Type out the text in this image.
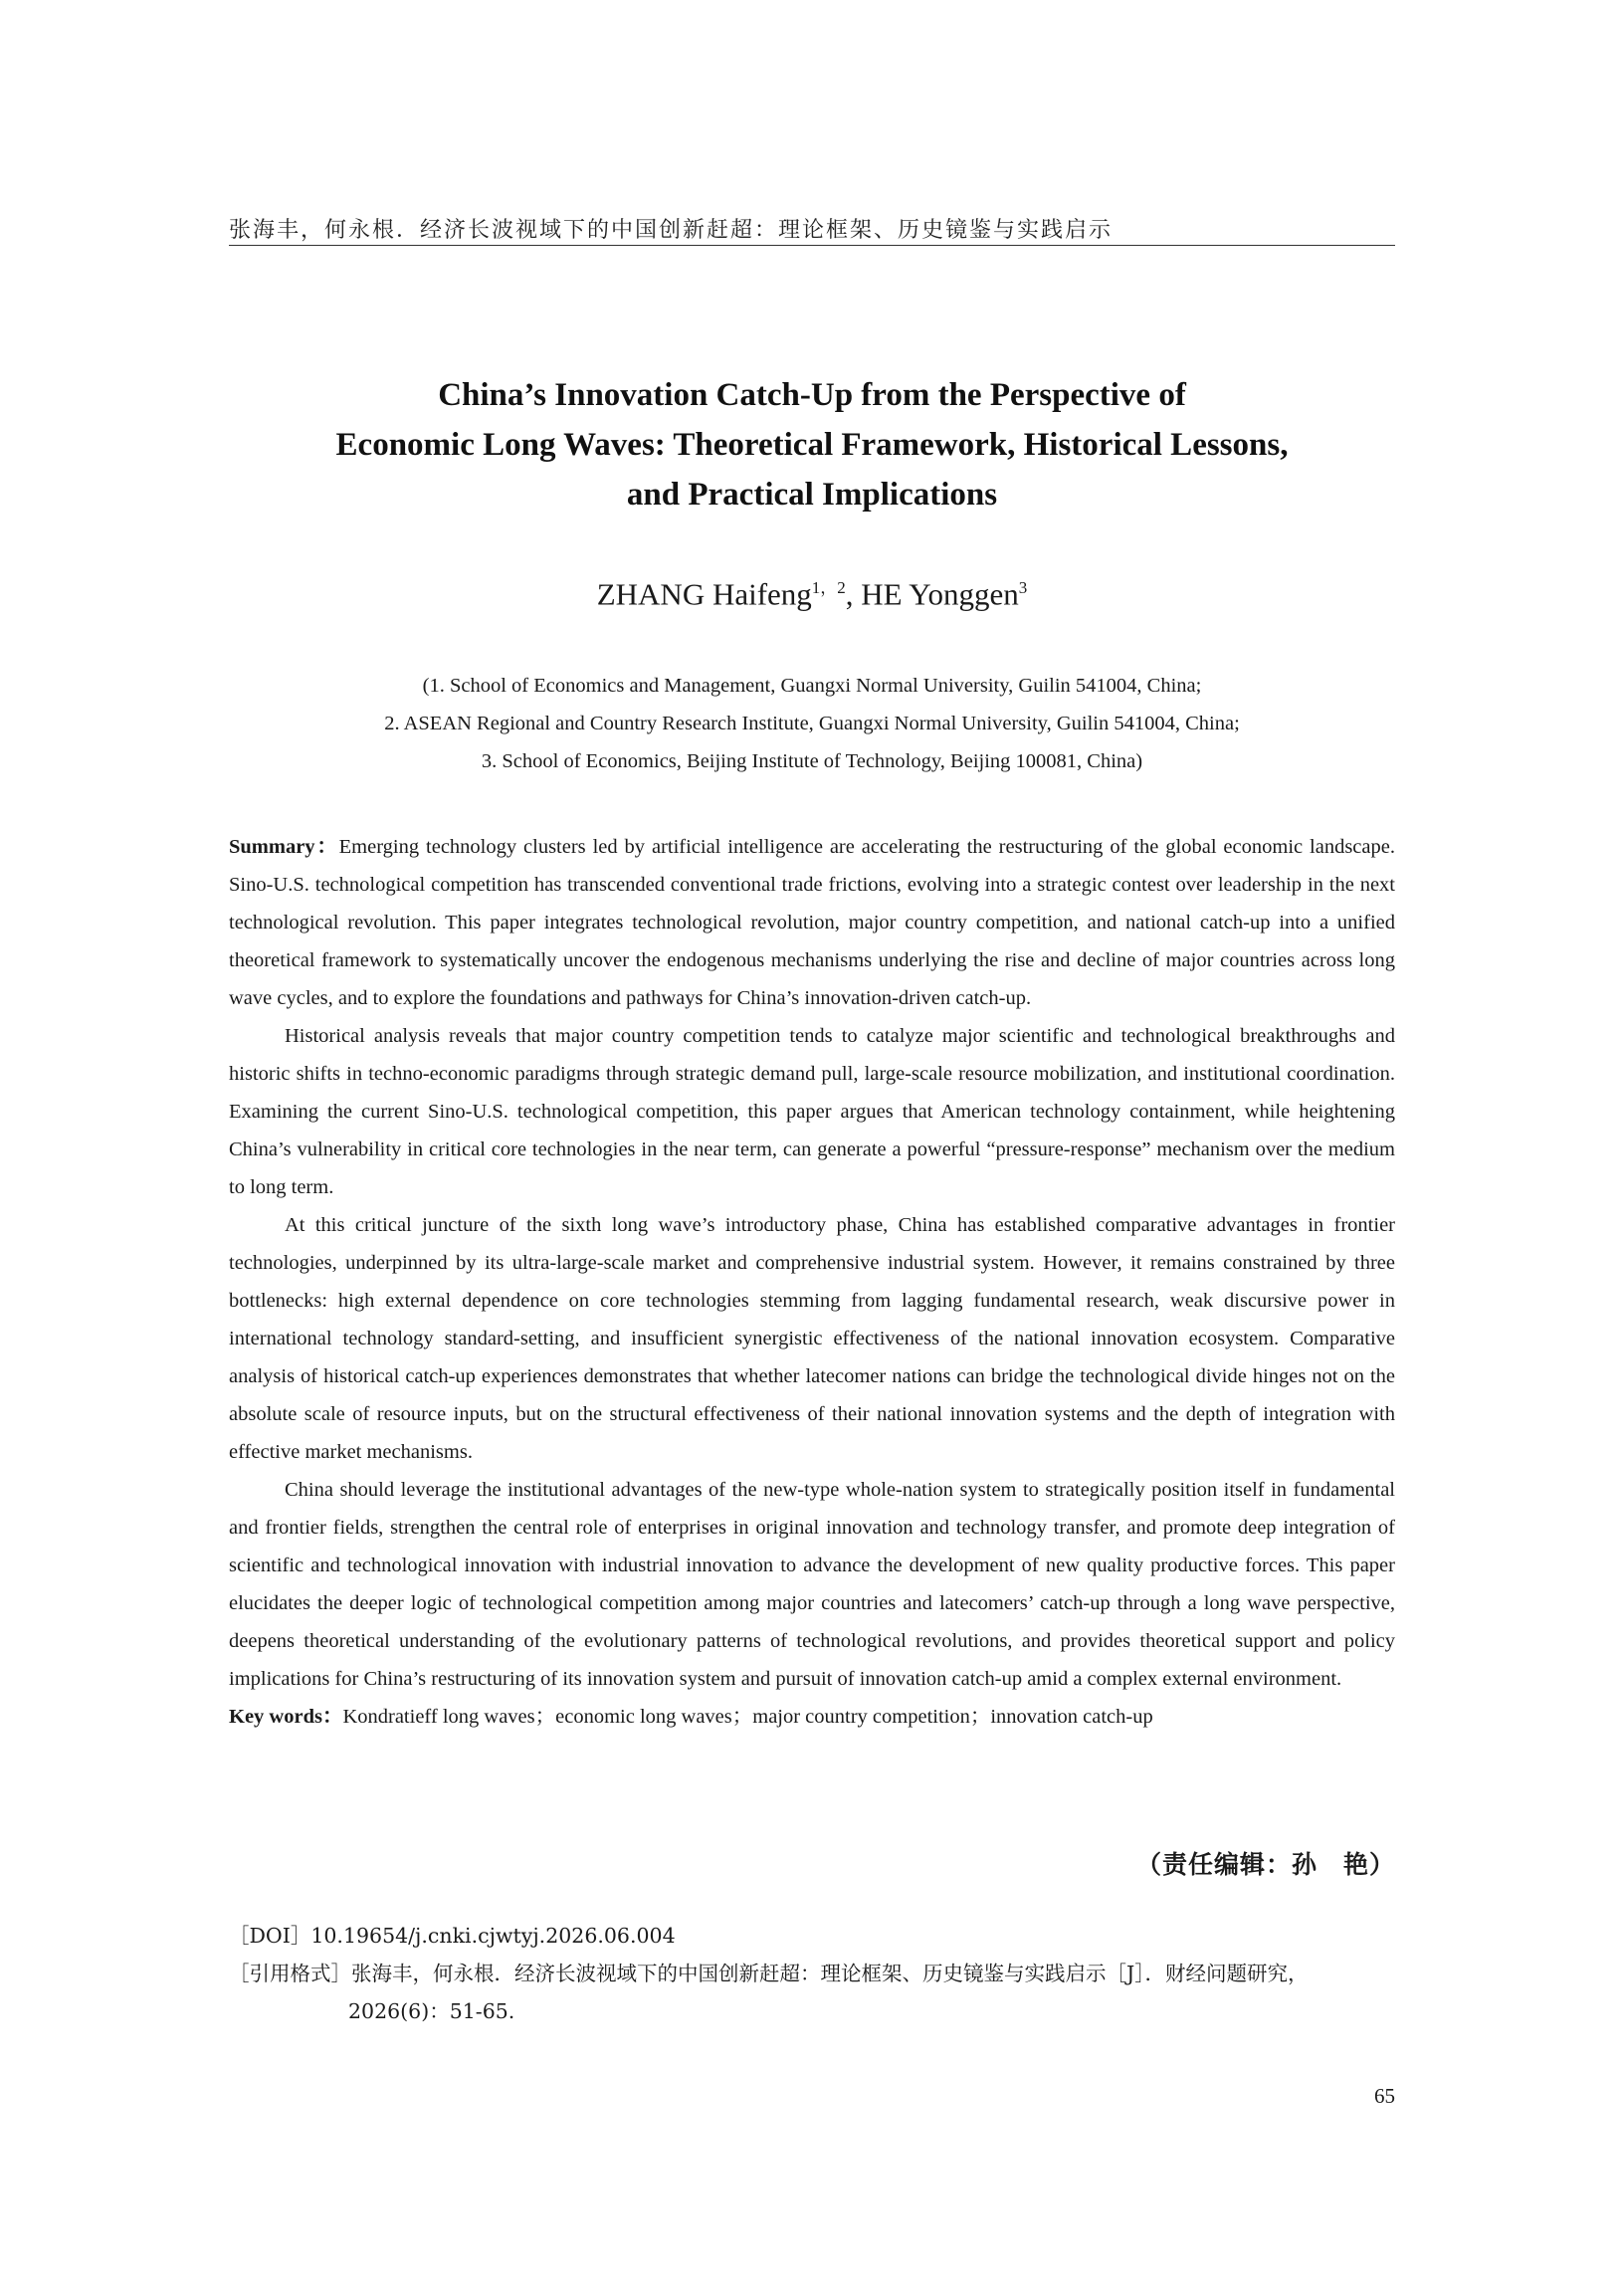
张海丰，何永根．经济长波视域下的中国创新赶超：理论框架、历史镜鉴与实践启示
China’s Innovation Catch-Up from the Perspective of
Economic Long Waves: Theoretical Framework, Historical Lessons,
and Practical Implications
ZHANG Haifeng$^{1,2}$, HE Yonggen$^3$
(1. School of Economics and Management, Guangxi Normal University, Guilin 541004, China;
2. ASEAN Regional and Country Research Institute, Guangxi Normal University, Guilin 541004, China;
3. School of Economics, Beijing Institute of Technology, Beijing 100081, China)

Summary：Emerging technology clusters led by artificial intelligence are accelerating the restructuring of the global economic landscape. Sino-U.S. technological competition has transcended conventional trade frictions, evolving into a strategic contest over leadership in the next technological revolution. This paper integrates technological revolution, major country competition, and national catch-up into a unified theoretical framework to systematically uncover the endogenous mechanisms underlying the rise and decline of major countries across long wave cycles, and to explore the foundations and pathways for China’s innovation-driven catch-up.

Historical analysis reveals that major country competition tends to catalyze major scientific and technological breakthroughs and historic shifts in techno-economic paradigms through strategic demand pull, large-scale resource mobilization, and institutional coordination. Examining the current Sino-U.S. technological competition, this paper argues that American technology containment, while heightening China’s vulnerability in critical core technologies in the near term, can generate a powerful “pressure-response” mechanism over the medium to long term.

At this critical juncture of the sixth long wave’s introductory phase, China has established comparative advantages in frontier technologies, underpinned by its ultra-large-scale market and comprehensive industrial system. However, it remains constrained by three bottlenecks: high external dependence on core technologies stemming from lagging fundamental research, weak discursive power in international technology standard-setting, and insufficient synergistic effectiveness of the national innovation ecosystem. Comparative analysis of historical catch-up experiences demonstrates that whether latecomer nations can bridge the technological divide hinges not on the absolute scale of resource inputs, but on the structural effectiveness of their national innovation systems and the depth of integration with effective market mechanisms.

China should leverage the institutional advantages of the new-type whole-nation system to strategically position itself in fundamental and frontier fields, strengthen the central role of enterprises in original innovation and technology transfer, and promote deep integration of scientific and technological innovation with industrial innovation to advance the development of new quality productive forces. This paper elucidates the deeper logic of technological competition among major countries and latecomers’ catch-up through a long wave perspective, deepens theoretical understanding of the evolutionary patterns of technological revolutions, and provides theoretical support and policy implications for China’s restructuring of its innovation system and pursuit of innovation catch-up amid a complex external environment.

Key words：Kondratieff long waves；economic long waves；major country competition；innovation catch-up

（责任编辑：孙　艳）
［DOI］10.19654/j.cnki.cjwtyj.2026.06.004
［引用格式］张海丰，何永根．经济长波视域下的中国创新赶超：理论框架、历史镜鉴与实践启示［J］．财经问题研究，
2026(6)：51-65.
65
